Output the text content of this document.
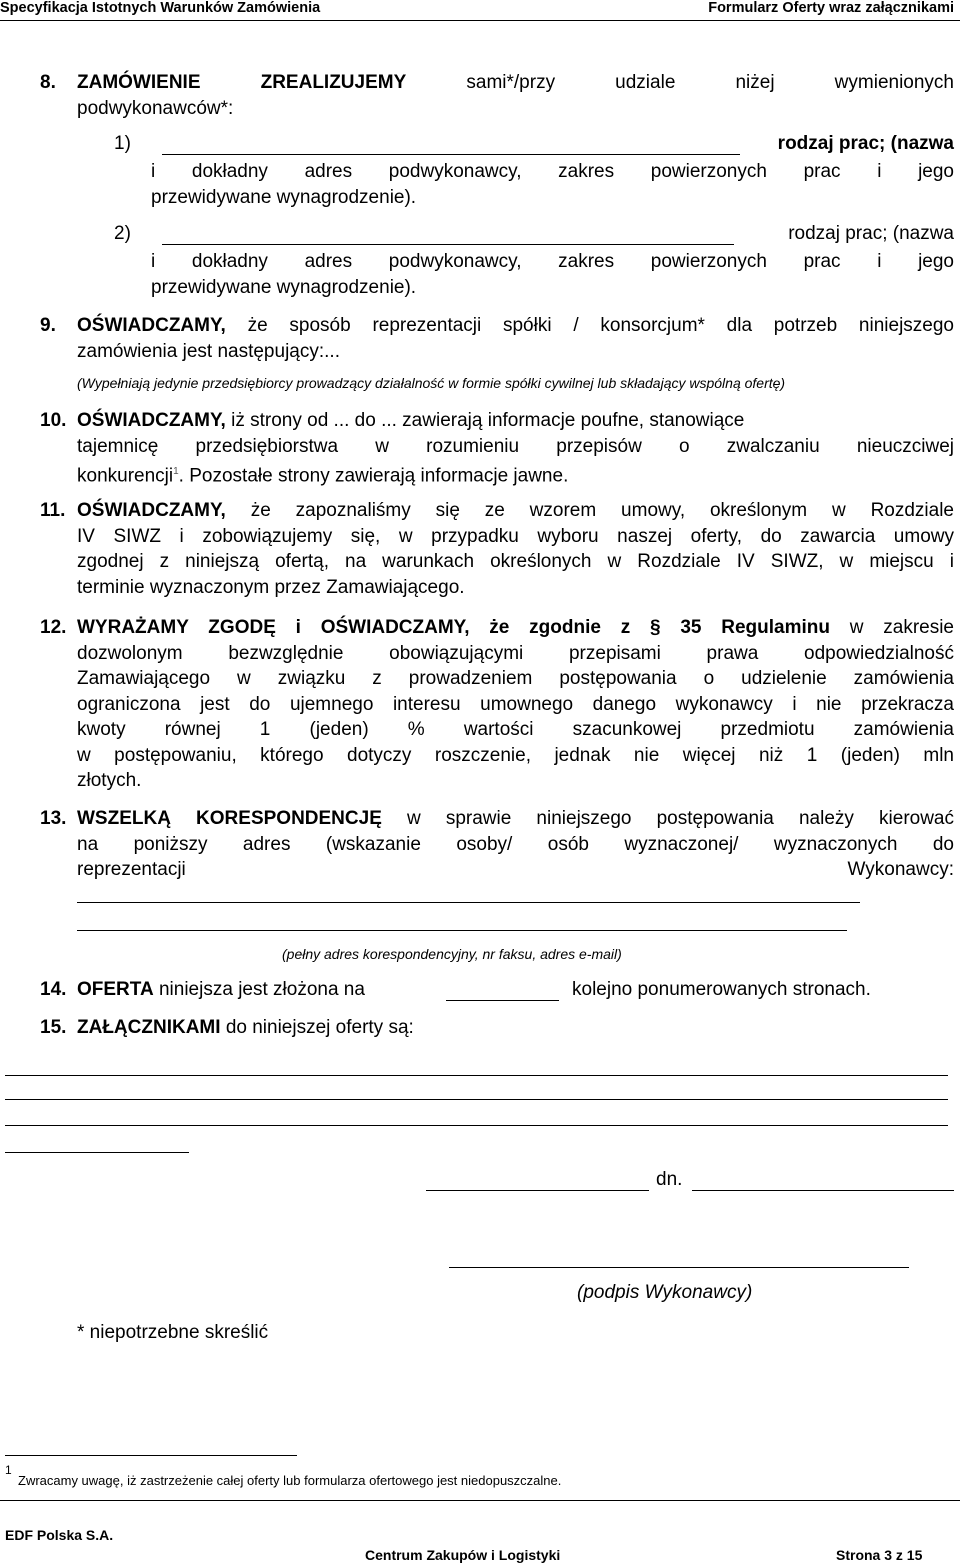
Specyfikacja Istotnych Warunków Zamówienia	Formularz Oferty wraz załącznikami
8. ZAMÓWIENIE ZREALIZUJEMY	sami*/przy udziale niżej wymienionych
podwykonawców*:
1)	rodzaj prac; (nazwa
i dokładny adres podwykonawcy, zakres powierzonych prac i jego
przewidywane wynagrodzenie).
2)	rodzaj prac; (nazwa
i dokładny adres podwykonawcy, zakres powierzonych prac i jego
przewidywane wynagrodzenie).
9. OŚWIADCZAMY, że sposób reprezentacji spółki / konsorcjum* dla potrzeb niniejszego
zamówienia jest następujący:...
(Wypełniają jedynie przedsiębiorcy prowadzący działalność w formie spółki cywilnej lub składający wspólną ofertę)
10. OŚWIADCZAMY, iż strony od ... do ... zawierają informacje poufne, stanowiące
tajemnicę przedsiębiorstwa w rozumieniu przepisów o zwalczaniu nieuczciwej
konkurencji$^1$. Pozostałe strony zawierają informacje jawne.
11. OŚWIADCZAMY, że zapoznaliśmy się ze wzorem umowy, określonym w Rozdziale
IV SIWZ i zobowiązujemy się, w przypadku wyboru naszej oferty, do zawarcia umowy
zgodnej z niniejszą ofertą, na warunkach określonych w Rozdziale IV SIWZ, w miejscu i
terminie wyznaczonym przez Zamawiającego.
12. WYRAŻAMY ZGODĘ i OŚWIADCZAMY, że zgodnie z § 35 Regulaminu w zakresie
dozwolonym bezwzględnie obowiązującymi przepisami prawa odpowiedzialność
Zamawiającego w związku z prowadzeniem postępowania o udzielenie zamówienia
ograniczona jest do ujemnego interesu umownego danego wykonawcy i nie przekracza
kwoty równej 1 (jeden) % wartości szacunkowej przedmiotu zamówienia
w postępowaniu, którego dotyczy roszczenie, jednak nie więcej niż 1 (jeden) mln
złotych.
13. WSZELKĄ KORESPONDENCJĘ w sprawie niniejszego postępowania należy kierować
na poniższy adres (wskazanie osoby/ osób wyznaczonej/ wyznaczonych do
reprezentacji Wykonawcy:
(pełny adres korespondencyjny, nr faksu, adres e-mail)
14. OFERTA niniejsza jest złożona na	kolejno ponumerowanych stronach.
15. ZAŁĄCZNIKAMI do niniejszej oferty są:
dn.
(podpis Wykonawcy)
* niepotrzebne skreślić
1
Zwracamy uwagę, iż zastrzeżenie całej oferty lub formularza ofertowego jest niedopuszczalne.
EDF Polska S.A.
Centrum Zakupów i Logistyki	Strona 3 z 15
